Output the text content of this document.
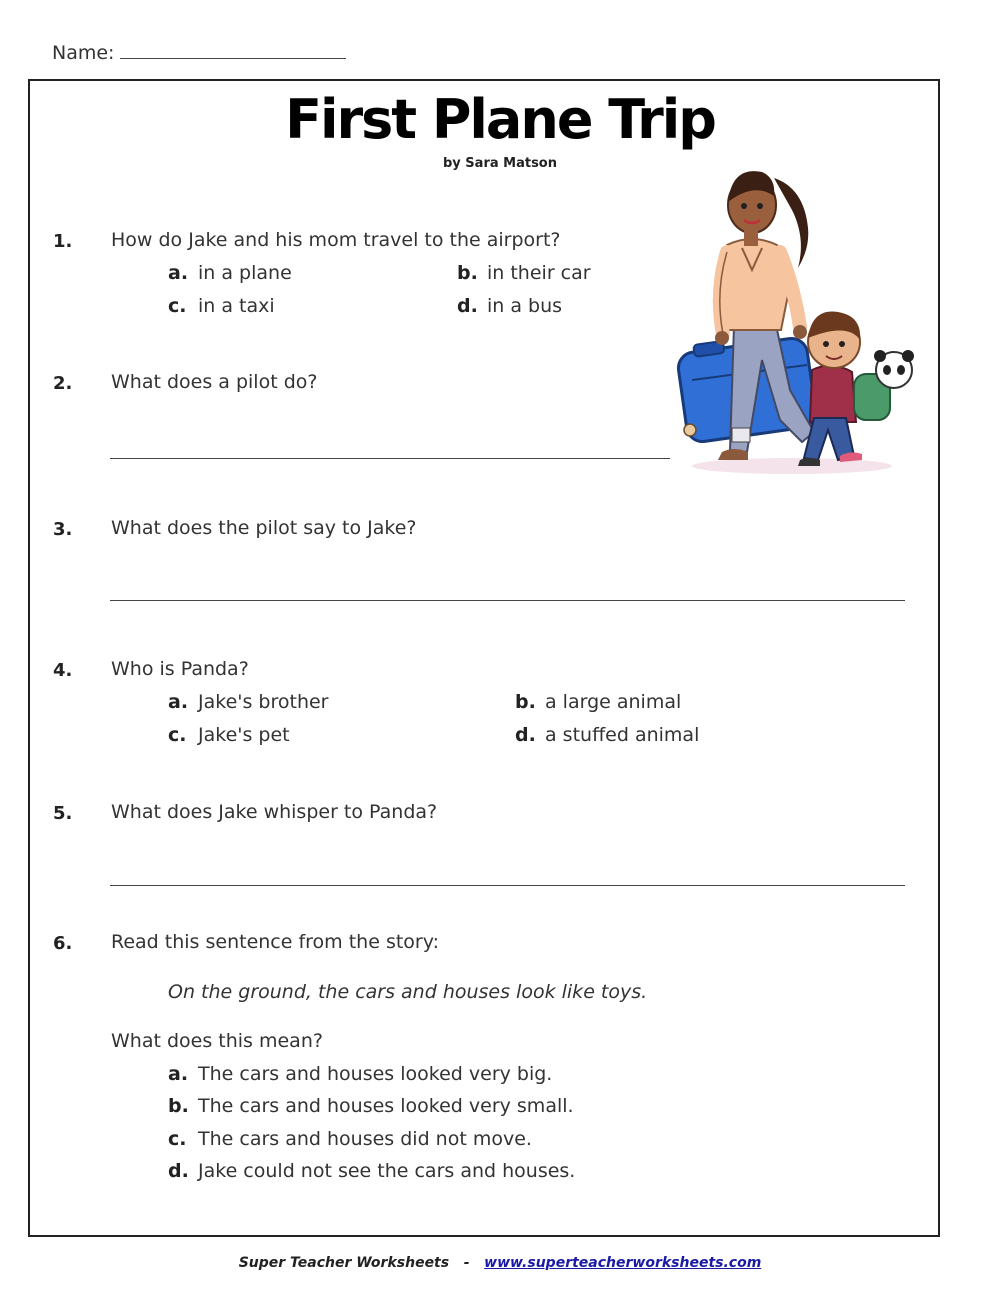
Name:
First Plane Trip
by Sara Matson
1. How do Jake and his mom travel to the airport?
a. in a plane	b. in their car
c. in a taxi	d. in a bus
2. What does a pilot do?
3. What does the pilot say to Jake?
4. Who is Panda?
a. Jake's brother	b. a large animal
c. Jake's pet	d. a stuffed animal
5. What does Jake whisper to Panda?
6. Read this sentence from the story:
On the ground, the cars and houses look like toys.
What does this mean?
a. The cars and houses looked very big.
b. The cars and houses looked very small.
c. The cars and houses did not move.
d. Jake could not see the cars and houses.
Super Teacher Worksheets - www.superteacherworksheets.com
